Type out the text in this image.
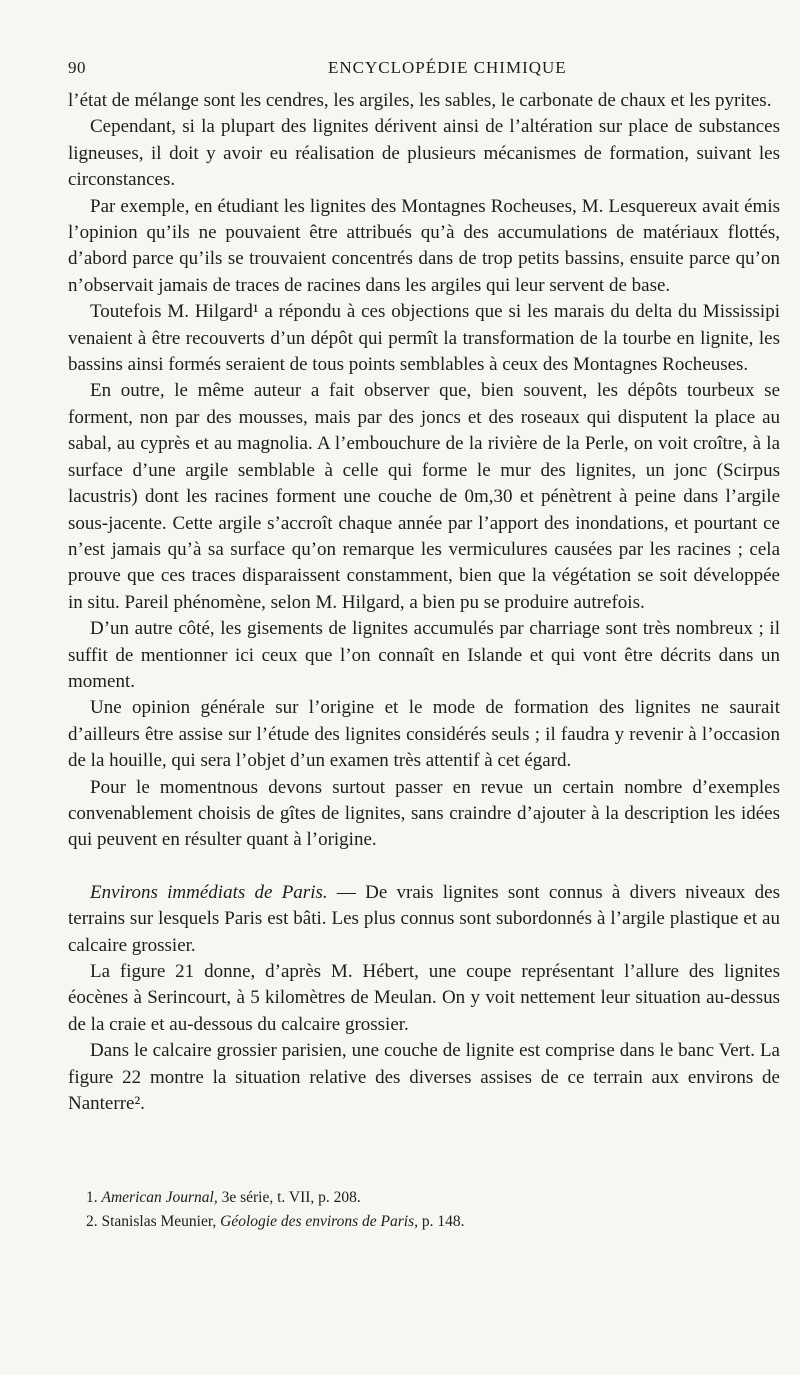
90	ENCYCLOPÉDIE CHIMIQUE

l’état de mélange sont les cendres, les argiles, les sables, le carbonate de chaux et les pyrites.

Cependant, si la plupart des lignites dérivent ainsi de l’altération sur place de substances ligneuses, il doit y avoir eu réalisation de plusieurs mécanismes de formation, suivant les circonstances.

Par exemple, en étudiant les lignites des Montagnes Rocheuses, M. Lesquereux avait émis l’opinion qu’ils ne pouvaient être attribués qu’à des accumulations de matériaux flottés, d’abord parce qu’ils se trouvaient concentrés dans de trop petits bassins, ensuite parce qu’on n’observait jamais de traces de racines dans les argiles qui leur servent de base.

Toutefois M. Hilgard¹ a répondu à ces objections que si les marais du delta du Mississipi venaient à être recouverts d’un dépôt qui permît la transformation de la tourbe en lignite, les bassins ainsi formés seraient de tous points semblables à ceux des Montagnes Rocheuses.

En outre, le même auteur a fait observer que, bien souvent, les dépôts tourbeux se forment, non par des mousses, mais par des joncs et des roseaux qui disputent la place au sabal, au cyprès et au magnolia. A l’embouchure de la rivière de la Perle, on voit croître, à la surface d’une argile semblable à celle qui forme le mur des lignites, un jonc (Scirpus lacustris) dont les racines forment une couche de 0m,30 et pénètrent à peine dans l’argile sous-jacente. Cette argile s’accroît chaque année par l’apport des inondations, et pourtant ce n’est jamais qu’à sa surface qu’on remarque les vermiculures causées par les racines ; cela prouve que ces traces disparaissent constamment, bien que la végétation se soit développée in situ. Pareil phénomène, selon M. Hilgard, a bien pu se produire autrefois.

D’un autre côté, les gisements de lignites accumulés par charriage sont très nombreux ; il suffit de mentionner ici ceux que l’on connaît en Islande et qui vont être décrits dans un moment.

Une opinion générale sur l’origine et le mode de formation des lignites ne saurait d’ailleurs être assise sur l’étude des lignites considérés seuls ; il faudra y revenir à l’occasion de la houille, qui sera l’objet d’un examen très attentif à cet égard.

Pour le momentnous devons surtout passer en revue un certain nombre d’exemples convenablement choisis de gîtes de lignites, sans craindre d’ajouter à la description les idées qui peuvent en résulter quant à l’origine.

Environs immédiats de Paris. — De vrais lignites sont connus à divers niveaux des terrains sur lesquels Paris est bâti. Les plus connus sont subordonnés à l’argile plastique et au calcaire grossier.

La figure 21 donne, d’après M. Hébert, une coupe représentant l’allure des lignites éocènes à Serincourt, à 5 kilomètres de Meulan. On y voit nettement leur situation au-dessus de la craie et au-dessous du calcaire grossier.

Dans le calcaire grossier parisien, une couche de lignite est comprise dans le banc Vert. La figure 22 montre la situation relative des diverses assises de ce terrain aux environs de Nanterre².

1. American Journal, 3e série, t. VII, p. 208.
2. Stanislas Meunier, Géologie des environs de Paris, p. 148.
